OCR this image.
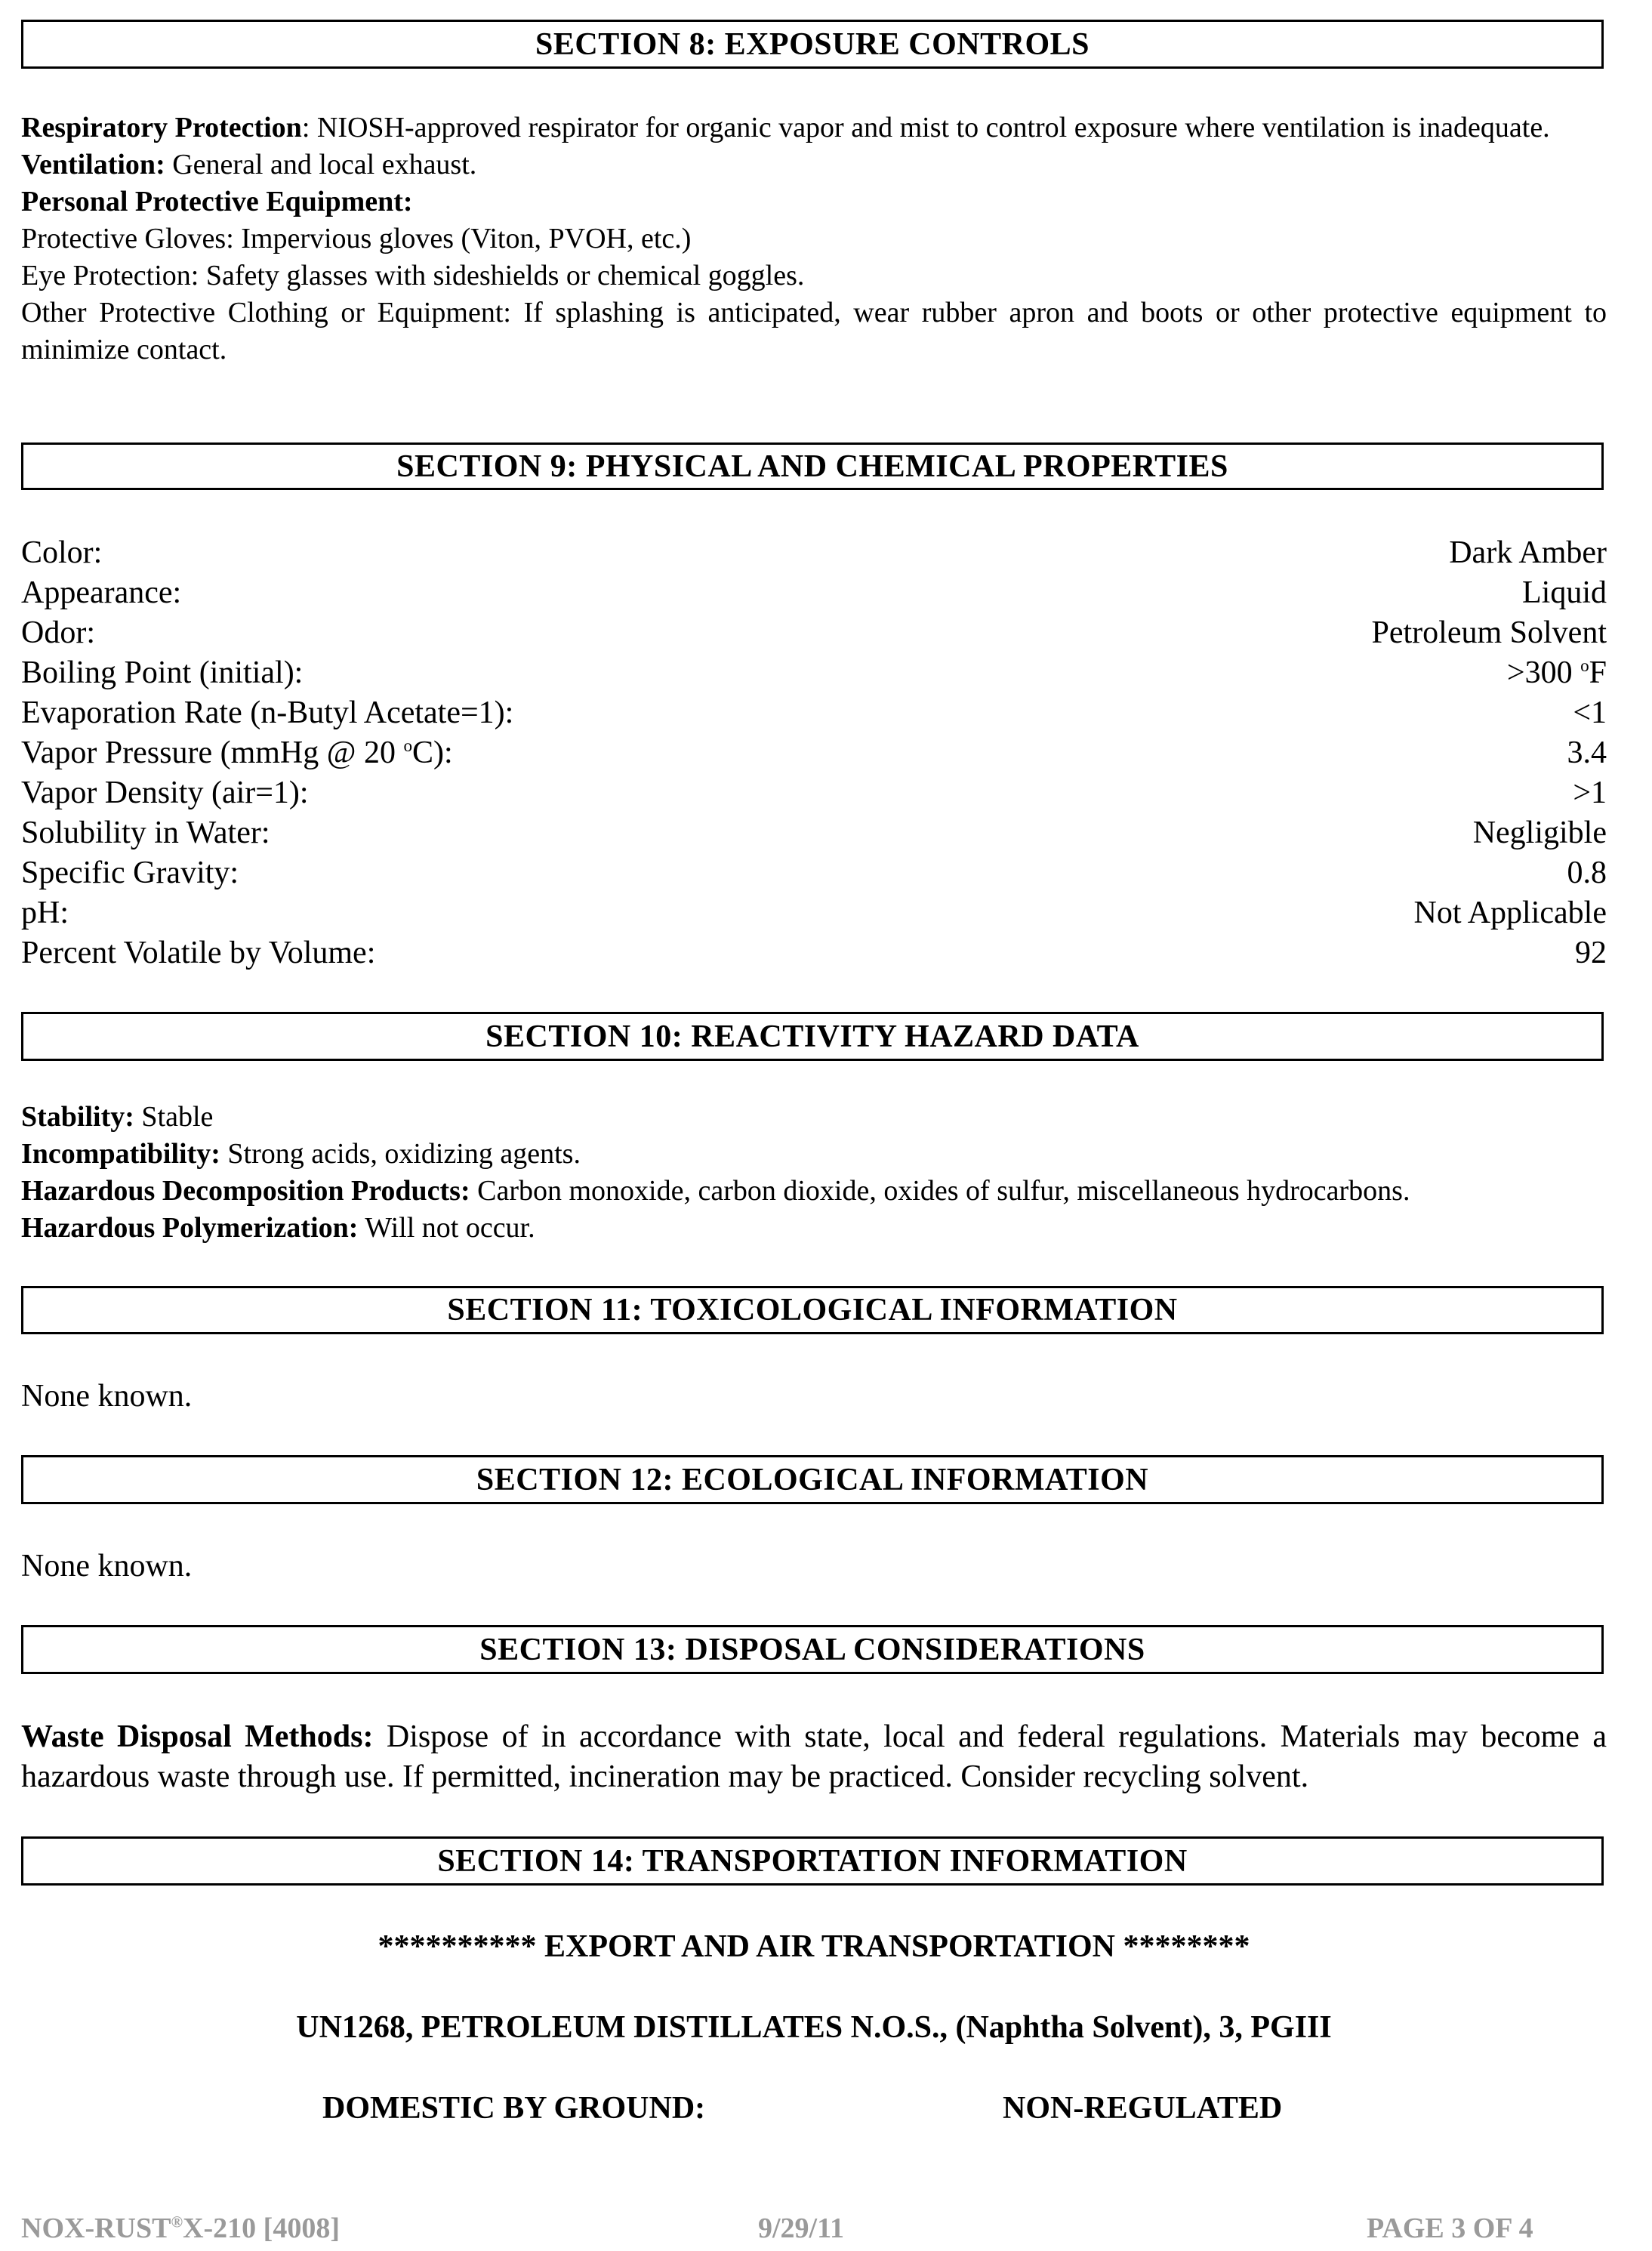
SECTION 8: EXPOSURE CONTROLS

Respiratory Protection: NIOSH-approved respirator for organic vapor and mist to control exposure where ventilation is inadequate.

Ventilation: General and local exhaust.

Personal Protective Equipment:

Protective Gloves: Impervious gloves (Viton, PVOH, etc.)

Eye Protection: Safety glasses with sideshields or chemical goggles.

Other Protective Clothing or Equipment: If splashing is anticipated, wear rubber apron and boots or other protective equipment to minimize contact.

SECTION 9: PHYSICAL AND CHEMICAL PROPERTIES
Color:	Dark Amber
Appearance:	Liquid
Odor:	Petroleum Solvent
Boiling Point (initial):	>300 $^o$F
Evaporation Rate (n-Butyl Acetate=1):	<1
Vapor Pressure (mmHg @ 20 $^o$C):	3.4
Vapor Density (air=1):	>1
Solubility in Water:	Negligible
Specific Gravity:	0.8
pH:	Not Applicable
Percent Volatile by Volume:	92
SECTION 10: REACTIVITY HAZARD DATA

Stability: Stable

Incompatibility: Strong acids, oxidizing agents.

Hazardous Decomposition Products: Carbon monoxide, carbon dioxide, oxides of sulfur, miscellaneous hydrocarbons.

Hazardous Polymerization: Will not occur.

SECTION 11: TOXICOLOGICAL INFORMATION

None known.

SECTION 12: ECOLOGICAL INFORMATION

None known.

SECTION 13: DISPOSAL CONSIDERATIONS

Waste Disposal Methods: Dispose of in accordance with state, local and federal regulations. Materials may become a hazardous waste through use. If permitted, incineration may be practiced. Consider recycling solvent.

SECTION 14: TRANSPORTATION INFORMATION
********** EXPORT AND AIR TRANSPORTATION ********
UN1268, PETROLEUM DISTILLATES N.O.S., (Naphtha Solvent), 3, PGIII
DOMESTIC BY GROUND:	NON-REGULATED
NOX-RUST®X-210 [4008]	9/29/11	PAGE 3 OF 4
